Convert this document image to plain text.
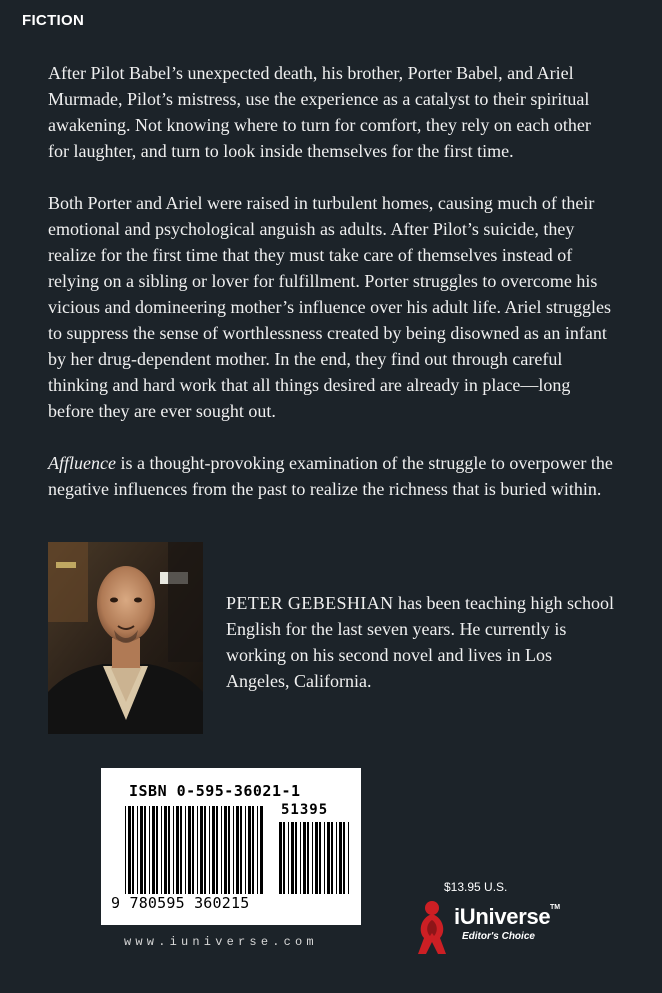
FICTION

After Pilot Babel’s unexpected death, his brother, Porter Babel, and Ariel Murmade, Pilot’s mistress, use the experience as a catalyst to their spiritual awakening. Not knowing where to turn for comfort, they rely on each other for laughter, and turn to look inside themselves for the first time.

Both Porter and Ariel were raised in turbulent homes, causing much of their emotional and psychological anguish as adults. After Pilot’s suicide, they realize for the first time that they must take care of themselves instead of relying on a sibling or lover for fulfillment. Porter struggles to overcome his vicious and domineering mother’s influence over his adult life. Ariel struggles to suppress the sense of worthlessness created by being disowned as an infant by her drug-dependent mother. In the end, they find out through careful thinking and hard work that all things desired are already in place—long before they are ever sought out.

Affluence is a thought-provoking examination of the struggle to overpower the negative influences from the past to realize the richness that is buried within.

PETER GEBESHIAN has been teaching high school English for the last seven years. He currently is working on his second novel and lives in Los Angeles, California.
ISBN 0-595-36021-1
51395
9 780595 360215
www.iuniverse.com
$13.95 U.S.
iUniverse TM
Editor's Choice
